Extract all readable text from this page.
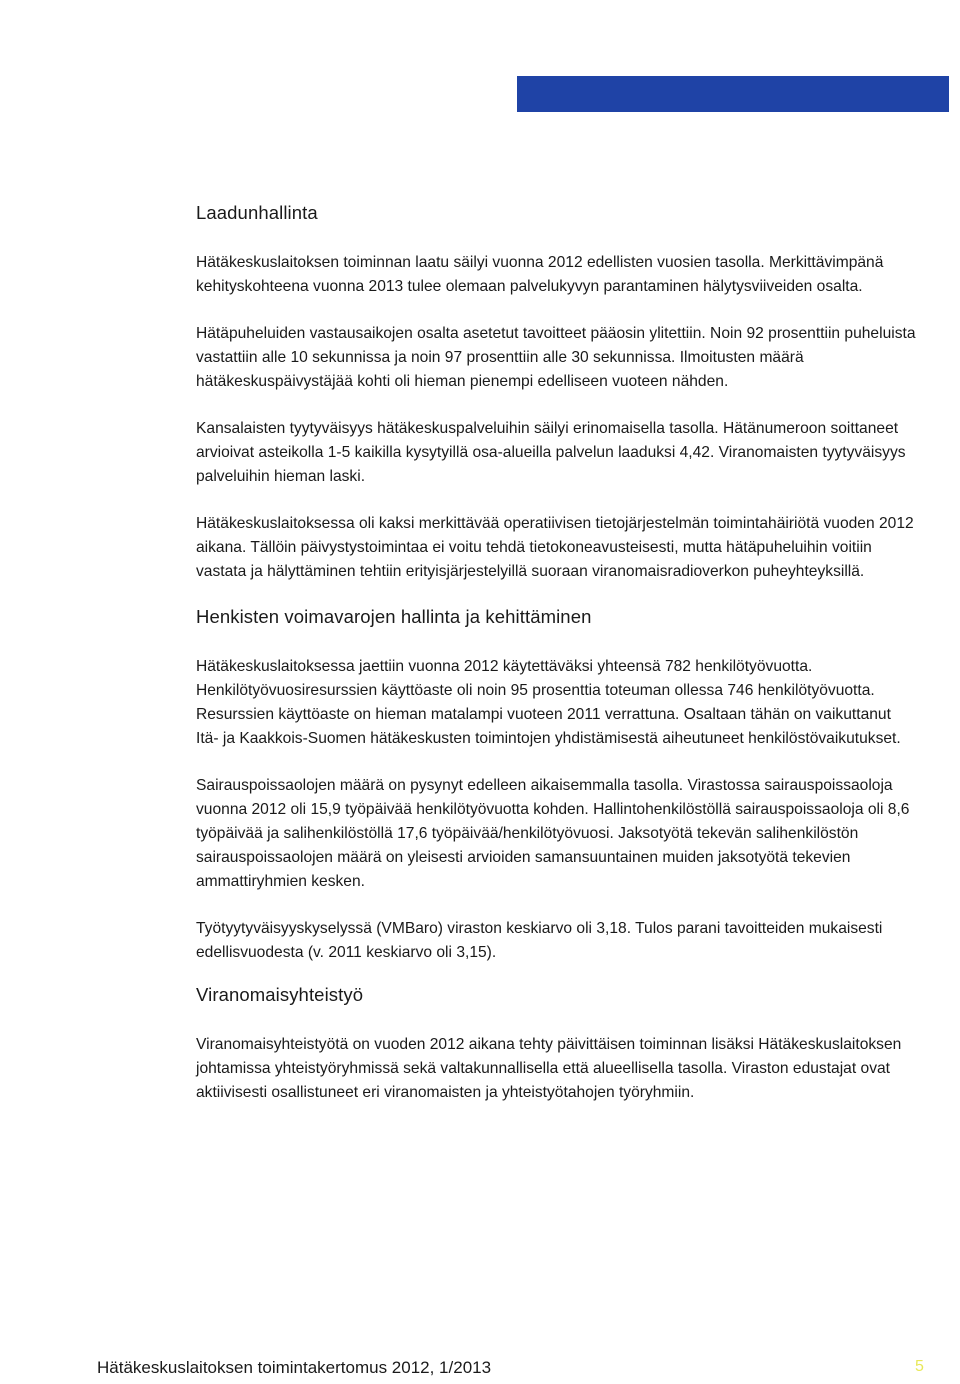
Laadunhallinta

Hätäkeskuslaitoksen toiminnan laatu säilyi vuonna 2012 edellisten vuosien tasolla. Merkittävimpänä kehityskohteena vuonna 2013 tulee olemaan palvelukyvyn parantaminen hälytysviiveiden osalta.

Hätäpuheluiden vastausaikojen osalta asetetut tavoitteet pääosin ylitettiin. Noin 92 prosenttiin puheluista vastattiin alle 10 sekunnissa ja noin 97 prosenttiin alle 30 sekunnissa. Ilmoitusten määrä hätäkeskuspäivystäjää kohti oli hieman pienempi edelliseen vuoteen nähden.

Kansalaisten tyytyväisyys hätäkeskuspalveluihin säilyi erinomaisella tasolla. Hätänumeroon soittaneet arvioivat asteikolla 1-5 kaikilla kysytyillä osa-alueilla palvelun laaduksi 4,42. Viranomaisten tyytyväisyys palveluihin hieman laski.

Hätäkeskuslaitoksessa oli kaksi merkittävää operatiivisen tietojärjestelmän toimintahäiriötä vuoden 2012 aikana. Tällöin päivystystoimintaa ei voitu tehdä tietokoneavusteisesti, mutta hätäpuheluihin voitiin vastata ja hälyttäminen tehtiin erityisjärjestelyillä suoraan viranomaisradioverkon puheyhteyksillä.

Henkisten voimavarojen hallinta ja kehittäminen

Hätäkeskuslaitoksessa jaettiin vuonna 2012 käytettäväksi yhteensä 782 henkilötyövuotta. Henkilötyövuosiresurssien käyttöaste oli noin 95 prosenttia toteuman ollessa 746 henkilötyövuotta. Resurssien käyttöaste on hieman matalampi vuoteen 2011 verrattuna. Osaltaan tähän on vaikuttanut Itä- ja Kaakkois-Suomen hätäkeskusten toimintojen yhdistämisestä aiheutuneet henkilöstövaikutukset.

Sairauspoissaolojen määrä on pysynyt edelleen aikaisemmalla tasolla. Virastossa sairauspoissaoloja vuonna 2012 oli 15,9 työpäivää henkilötyövuotta kohden. Hallintohenkilöstöllä sairauspoissaoloja oli 8,6 työpäivää ja salihenkilöstöllä 17,6 työpäivää/henkilötyövuosi. Jaksotyötä tekevän salihenkilöstön sairauspoissaolojen määrä on yleisesti arvioiden samansuuntainen muiden jaksotyötä tekevien ammattiryhmien kesken.

Työtyytyväisyyskyselyssä (VMBaro) viraston keskiarvo oli 3,18. Tulos parani tavoitteiden mukaisesti edellisvuodesta (v. 2011 keskiarvo oli 3,15).

Viranomaisyhteistyö

Viranomaisyhteistyötä on vuoden 2012 aikana tehty päivittäisen toiminnan lisäksi Hätäkeskuslaitoksen johtamissa yhteistyöryhmissä sekä valtakunnallisella että alueellisella tasolla. Viraston edustajat ovat aktiivisesti osallistuneet eri viranomaisten ja yhteistyötahojen työryhmiin.

Hätäkeskuslaitoksen toimintakertomus 2012, 1/2013	5
